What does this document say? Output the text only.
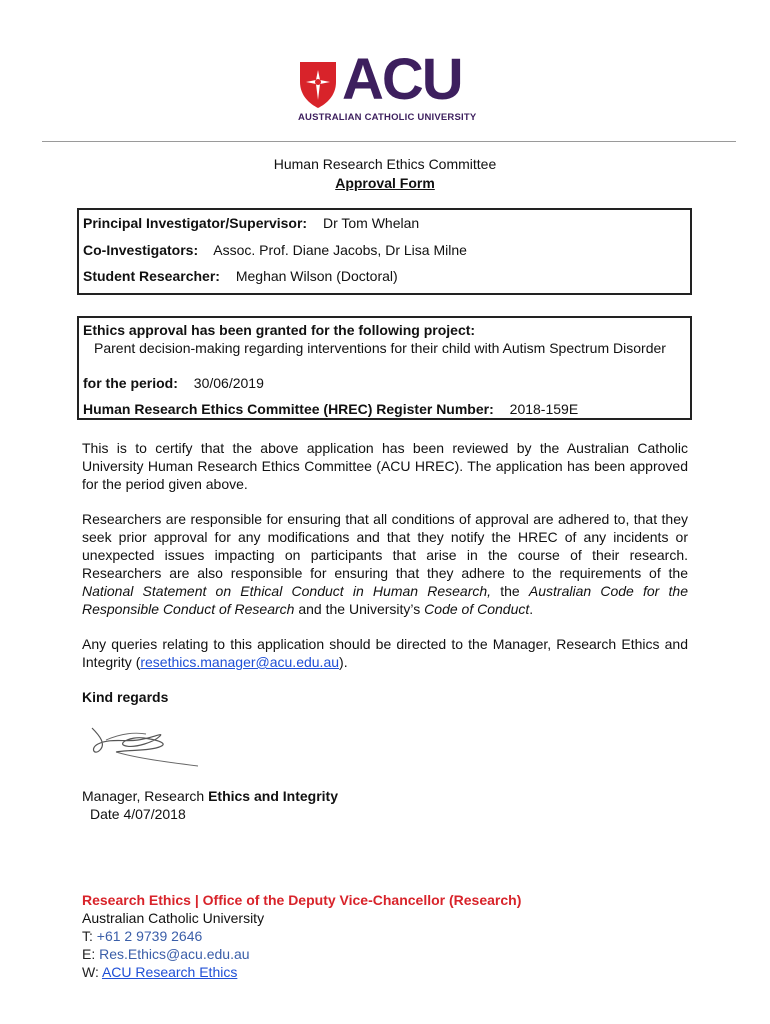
ACU
AUSTRALIAN CATHOLIC UNIVERSITY
Human Research Ethics Committee
Approval Form
Principal Investigator/Supervisor: Dr Tom Whelan
Co-Investigators: Assoc. Prof. Diane Jacobs, Dr Lisa Milne
Student Researcher: Meghan Wilson (Doctoral)
Ethics approval has been granted for the following project:
Parent decision-making regarding interventions for their child with Autism Spectrum Disorder
for the period: 30/06/2019
Human Research Ethics Committee (HREC) Register Number: 2018-159E
This is to certify that the above application has been reviewed by the Australian Catholic University Human Research Ethics Committee (ACU HREC). The application has been approved for the period given above.
Researchers are responsible for ensuring that all conditions of approval are adhered to, that they seek prior approval for any modifications and that they notify the HREC of any incidents or unexpected issues impacting on participants that arise in the course of their research. Researchers are also responsible for ensuring that they adhere to the requirements of the National Statement on Ethical Conduct in Human Research, the Australian Code for the Responsible Conduct of Research and the University’s Code of Conduct.
Any queries relating to this application should be directed to the Manager, Research Ethics and Integrity (resethics.manager@acu.edu.au).
Kind regards
Manager, Research Ethics and Integrity
Date 4/07/2018
Research Ethics | Office of the Deputy Vice-Chancellor (Research)
Australian Catholic University
T: +61 2 9739 2646
E: Res.Ethics@acu.edu.au
W: ACU Research Ethics
